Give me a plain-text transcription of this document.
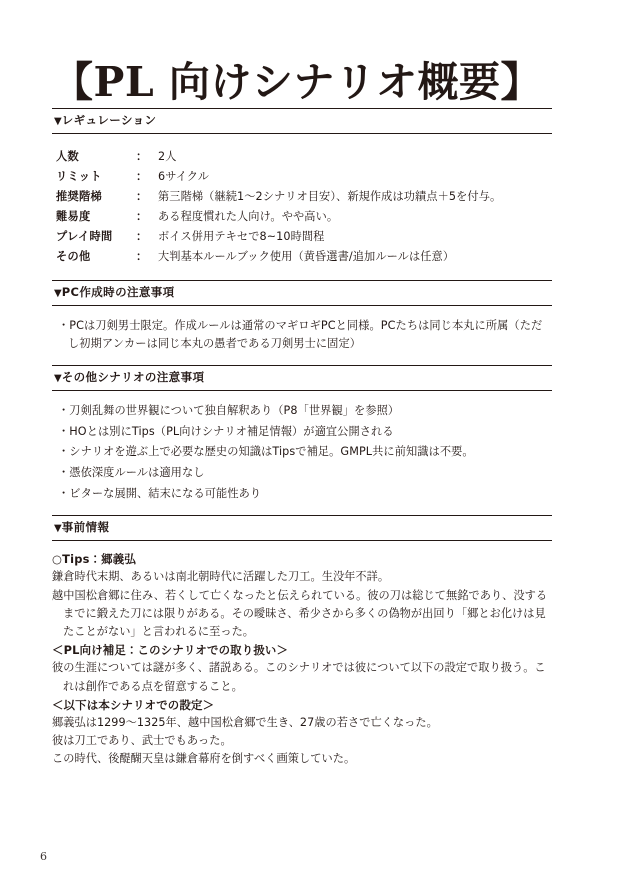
【PL 向けシナリオ概要】
▼レギュレーション
人数	： 2人
リミット	： 6サイクル
推奨階梯	： 第三階梯（継続1〜2シナリオ目安）、新規作成は功績点＋5を付与。
難易度	： ある程度慣れた人向け。やや高い。
プレイ時間	： ボイス併用テキセで8~10時間程
その他	： 大判基本ルールブック使用（黄昏選書/追加ルールは任意）
▼PC作成時の注意事項

・PCは刀剣男士限定。作成ルールは通常のマギロギPCと同様。PCたちは同じ本丸に所属（ただし初期アンカーは同じ本丸の愚者である刀剣男士に固定）

▼その他シナリオの注意事項

・刀剣乱舞の世界観について独自解釈あり（P8「世界観」を参照）

・HOとは別にTips（PL向けシナリオ補足情報）が適宜公開される

・シナリオを遊ぶ上で必要な歴史の知識はTipsで補足。GMPL共に前知識は不要。

・憑依深度ルールは適用なし

・ビターな展開、結末になる可能性あり

▼事前情報

○Tips：郷義弘

鎌倉時代末期、あるいは南北朝時代に活躍した刀工。生没年不詳。

越中国松倉郷に住み、若くして亡くなったと伝えられている。彼の刀は総じて無銘であり、没するまでに鍛えた刀には限りがある。その曖昧さ、希少さから多くの偽物が出回り「郷とお化けは見たことがない」と言われるに至った。

＜PL向け補足：このシナリオでの取り扱い＞

彼の生涯については謎が多く、諸説ある。このシナリオでは彼について以下の設定で取り扱う。これは創作である点を留意すること。

＜以下は本シナリオでの設定＞

郷義弘は1299〜1325年、越中国松倉郷で生き、27歳の若さで亡くなった。

彼は刀工であり、武士でもあった。

この時代、後醍醐天皇は鎌倉幕府を倒すべく画策していた。

6
